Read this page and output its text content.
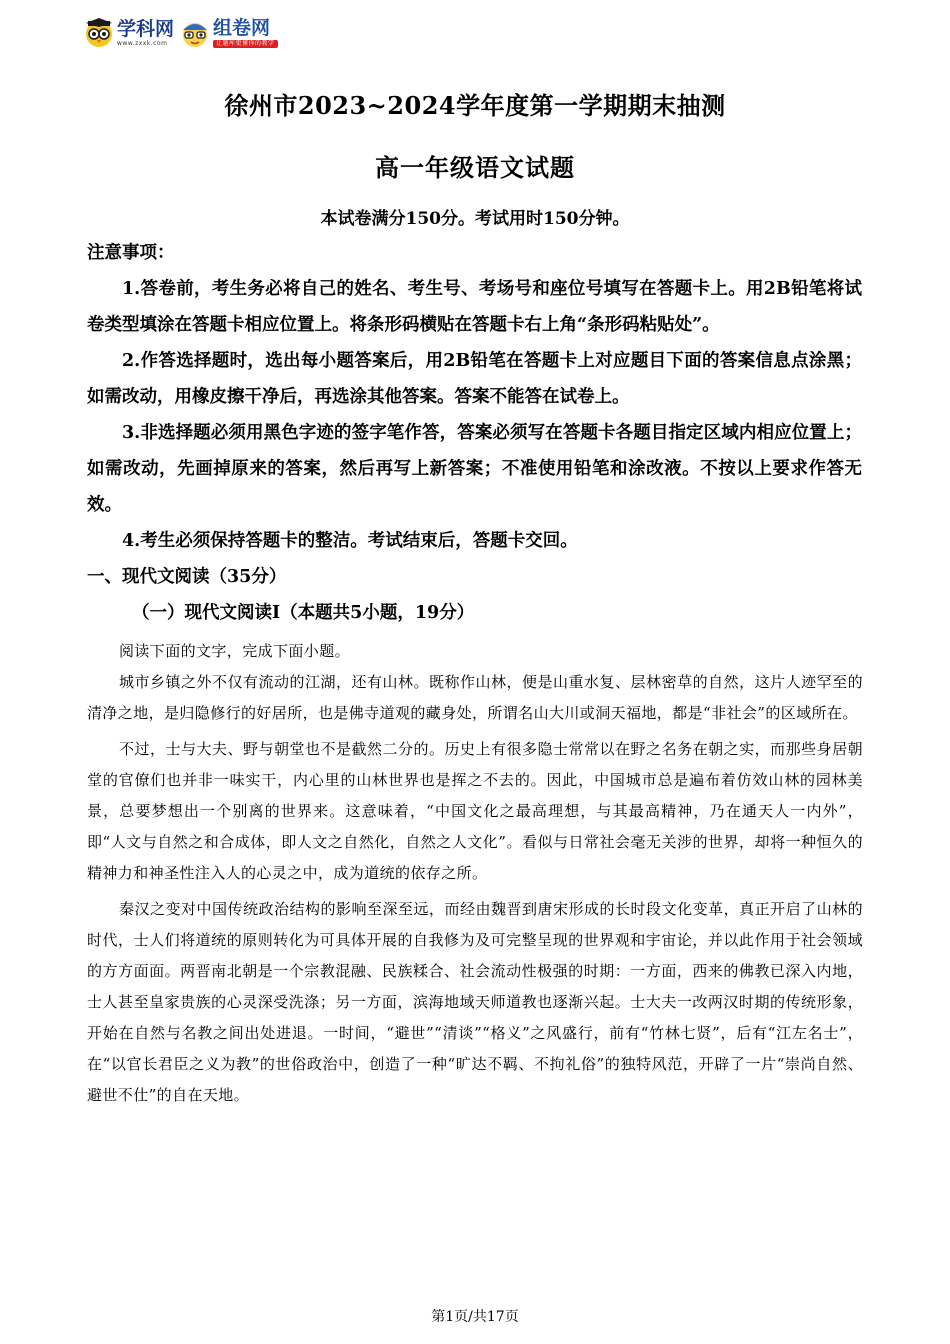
学科网
www.zxxk.com
组卷网
让题库更懂你的教学
徐州市2023~2024学年度第一学期期末抽测
高一年级语文试题
本试卷满分150分。考试用时150分钟。

注意事项：

1.答卷前，考生务必将自己的姓名、考生号、考场号和座位号填写在答题卡上。用2B铅笔将试卷类型填涂在答题卡相应位置上。将条形码横贴在答题卡右上角“条形码粘贴处”。

2.作答选择题时，选出每小题答案后，用2B铅笔在答题卡上对应题目下面的答案信息点涂黑；如需改动，用橡皮擦干净后，再选涂其他答案。答案不能答在试卷上。

3.非选择题必须用黑色字迹的签字笔作答，答案必须写在答题卡各题目指定区域内相应位置上；如需改动，先画掉原来的答案，然后再写上新答案；不准使用铅笔和涂改液。不按以上要求作答无效。

4.考生必须保持答题卡的整洁。考试结束后，答题卡交回。

一、现代文阅读（35分）

（一）现代文阅读Ⅰ（本题共5小题，19分）

阅读下面的文字，完成下面小题。

城市乡镇之外不仅有流动的江湖，还有山林。既称作山林，便是山重水复、层林密草的自然，这片人迹罕至的清净之地，是归隐修行的好居所，也是佛寺道观的藏身处，所谓名山大川或洞天福地，都是“非社会”的区域所在。

不过，士与大夫、野与朝堂也不是截然二分的。历史上有很多隐士常常以在野之名务在朝之实，而那些身居朝堂的官僚们也并非一味实干，内心里的山林世界也是挥之不去的。因此，中国城市总是遍布着仿效山林的园林美景，总要梦想出一个别离的世界来。这意味着，“中国文化之最高理想，与其最高精神，乃在通天人一内外”，即“人文与自然之和合成体，即人文之自然化，自然之人文化”。看似与日常社会毫无关涉的世界，却将一种恒久的精神力和神圣性注入人的心灵之中，成为道统的依存之所。

秦汉之变对中国传统政治结构的影响至深至远，而经由魏晋到唐宋形成的长时段文化变革，真正开启了山林的时代，士人们将道统的原则转化为可具体开展的自我修为及可完整呈现的世界观和宇宙论，并以此作用于社会领域的方方面面。两晋南北朝是一个宗教混融、民族糅合、社会流动性极强的时期：一方面，西来的佛教已深入内地，士人甚至皇家贵族的心灵深受洗涤；另一方面，滨海地域天师道教也逐渐兴起。士大夫一改两汉时期的传统形象，开始在自然与名教之间出处进退。一时间，“避世”“清谈”“格义”之风盛行，前有“竹林七贤”，后有“江左名士”，在“以官长君臣之义为教”的世俗政治中，创造了一种“旷达不羁、不拘礼俗”的独特风范，开辟了一片“崇尚自然、避世不仕”的自在天地。

第1页/共17页
